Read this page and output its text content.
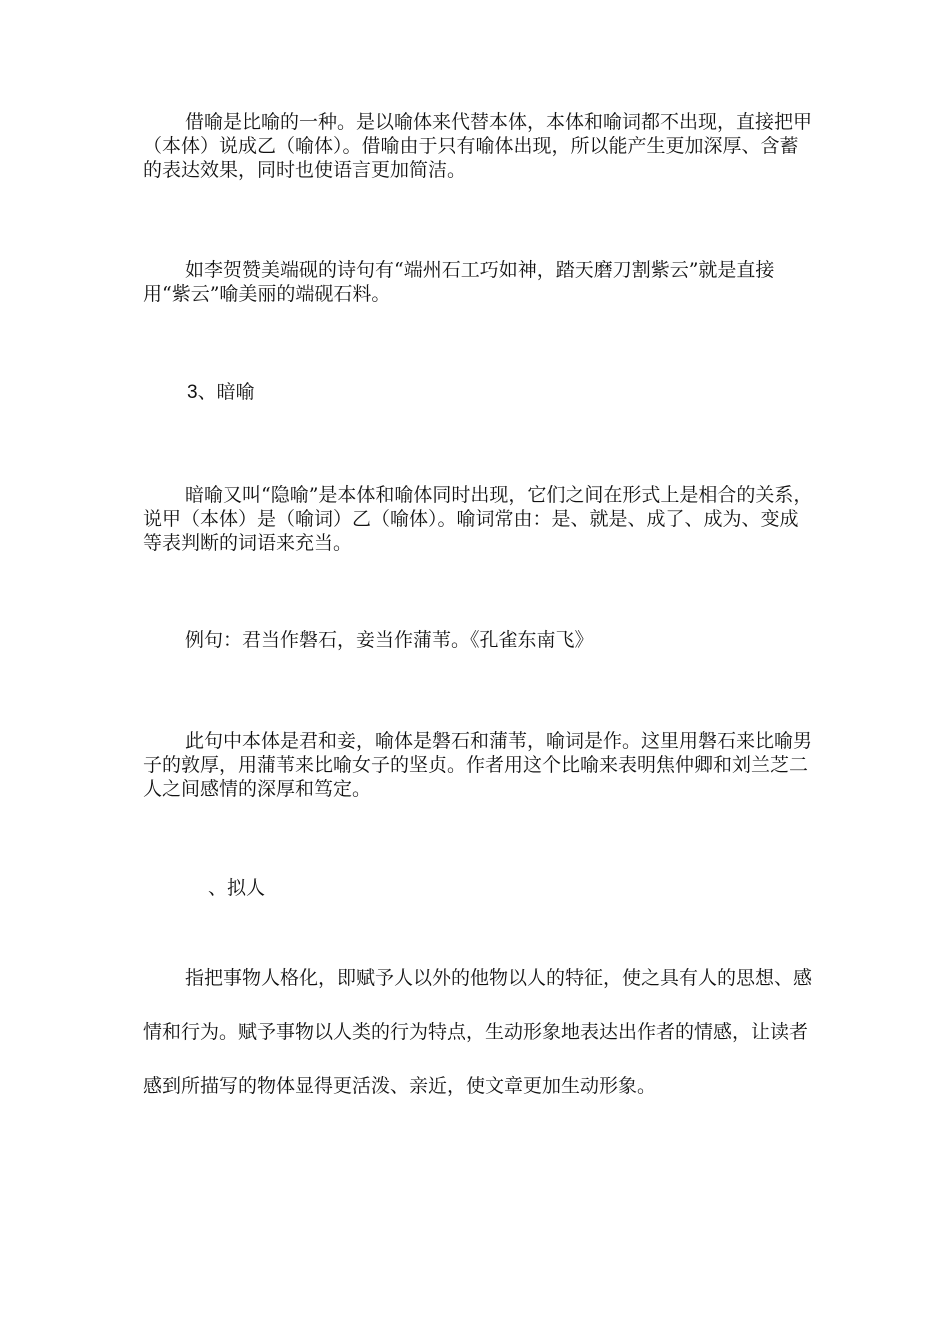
借喻是比喻的一种。是以喻体来代替本体，本体和喻词都不出现，直接把甲（本体）说成乙（喻体）。借喻由于只有喻体出现，所以能产生更加深厚、含蓄的表达效果，同时也使语言更加简洁。

如李贺赞美端砚的诗句有“端州石工巧如神，踏天磨刀割紫云”就是直接用“紫云”喻美丽的端砚石料。

3、暗喻

暗喻又叫“隐喻”是本体和喻体同时出现，它们之间在形式上是相合的关系，说甲（本体）是（喻词）乙（喻体）。喻词常由：是、就是、成了、成为、变成等表判断的词语来充当。

例句：君当作磐石，妾当作蒲苇。《孔雀东南飞》

此句中本体是君和妾，喻体是磐石和蒲苇，喻词是作。这里用磐石来比喻男子的敦厚，用蒲苇来比喻女子的坚贞。作者用这个比喻来表明焦仲卿和刘兰芝二人之间感情的深厚和笃定。

、拟人

指把事物人格化，即赋予人以外的他物以人的特征，使之具有人的思想、感情和行为。赋予事物以人类的行为特点，生动形象地表达出作者的情感，让读者感到所描写的物体显得更活泼、亲近，使文章更加生动形象。
